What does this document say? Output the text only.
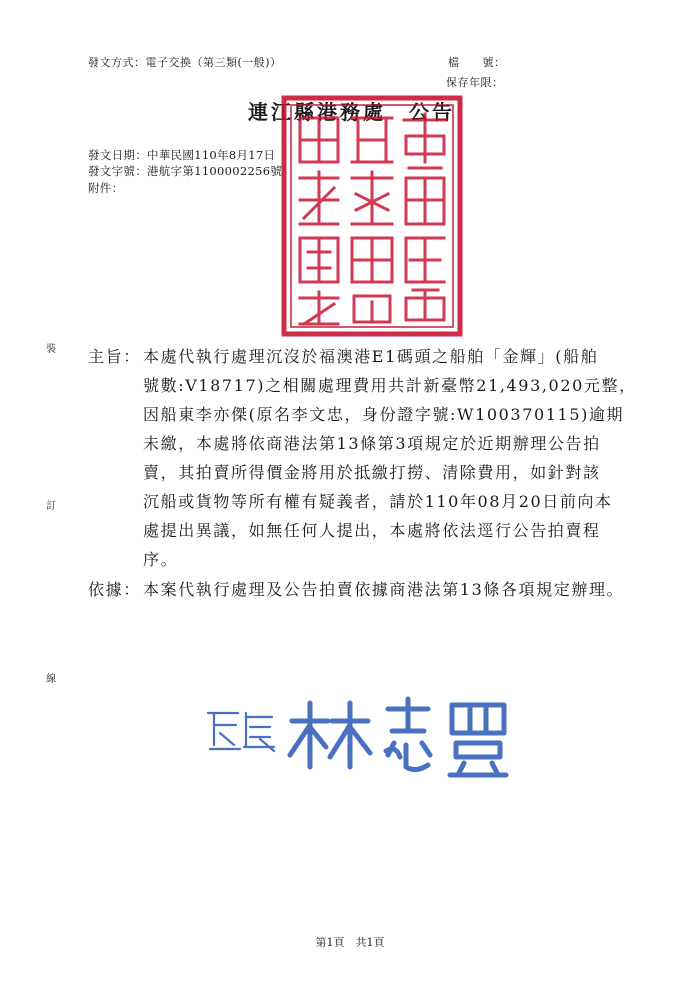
發文方式：電子交換（第三類(一般)）	檔　　號：
保存年限：
連江縣港務處　公告
發文日期：中華民國110年8月17日
發文字號：港航字第1100002256號
附件：
裝
訂
線
主旨： 本處代執行處理沉沒於福澳港E1碼頭之船舶「金輝」(船舶
號數:V18717)之相關處理費用共計新臺幣21,493,020元整，
因船東李亦傑(原名李文忠，身份證字號:W100370115)逾期
未繳，本處將依商港法第13條第3項規定於近期辦理公告拍
賣，其拍賣所得價金將用於抵繳打撈、清除費用，如針對該
沉船或貨物等所有權有疑義者，請於110年08月20日前向本
處提出異議，如無任何人提出，本處將依法逕行公告拍賣程
序。
依據： 本案代執行處理及公告拍賣依據商港法第13條各項規定辦理。
第1頁　共1頁
